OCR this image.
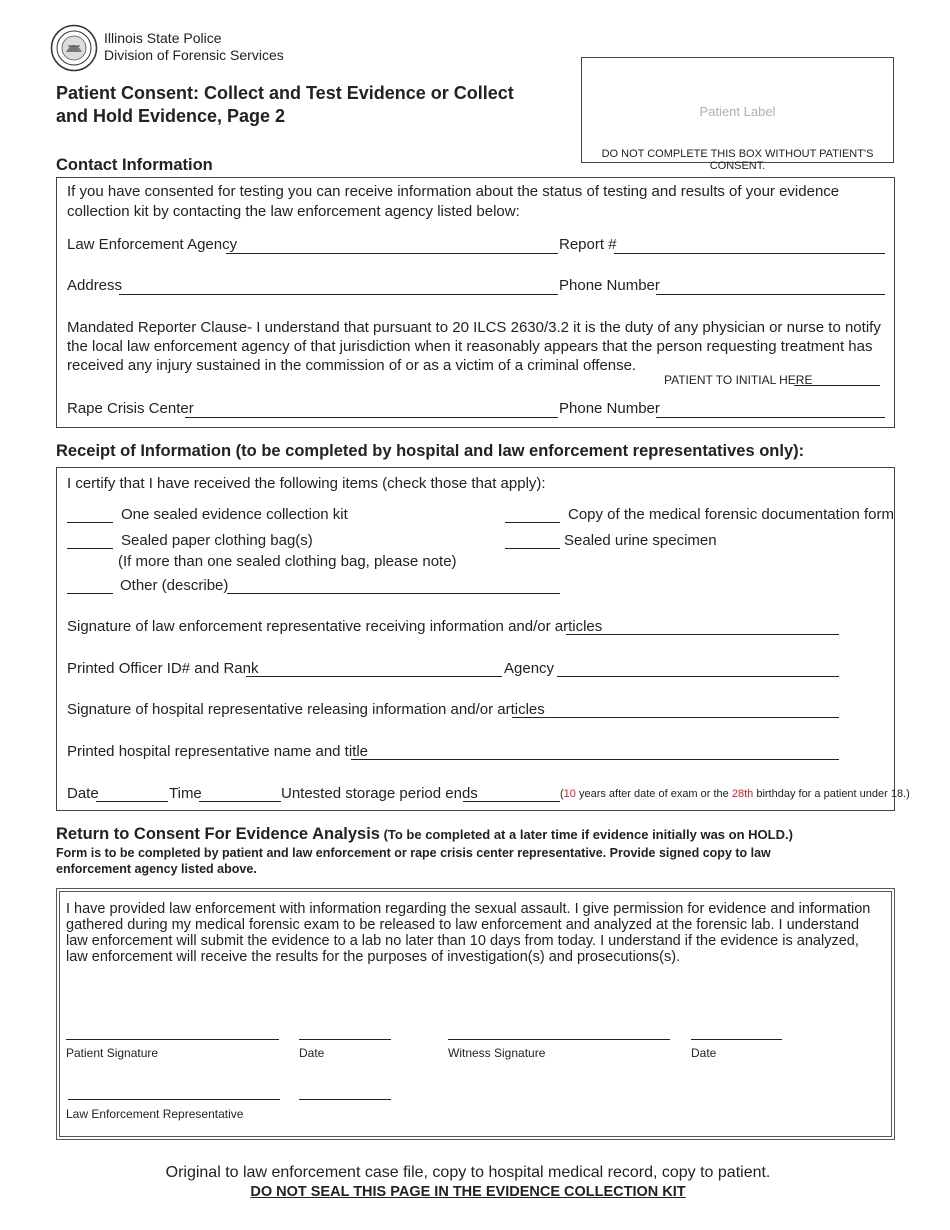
Illinois State Police
Division of Forensic Services
Patient Consent: Collect and Test Evidence or Collect
and Hold Evidence, Page 2	Patient Label
DO NOT COMPLETE THIS BOX WITHOUT PATIENT'S CONSENT.
Contact Information
If you have consented for testing you can receive information about the status of testing and results of your evidence collection kit by contacting the law enforcement agency listed below:
Law Enforcement Agency	Report #
Address	Phone Number
Mandated Reporter Clause- I understand that pursuant to 20 ILCS 2630/3.2 it is the duty of any physician or nurse to notify the local law enforcement agency of that jurisdiction when it reasonably appears that the person requesting treatment has received any injury sustained in the commission of or as a victim of a criminal offense.
PATIENT TO INITIAL HERE
Rape Crisis Center	Phone Number
Receipt of Information (to be completed by hospital and law enforcement representatives only):
I certify that I have received the following items (check those that apply):
One sealed evidence collection kit	Copy of the medical forensic documentation form
Sealed paper clothing bag(s)	Sealed urine specimen
(If more than one sealed clothing bag, please note)
Other (describe)
Signature of law enforcement representative receiving information and/or articles
Printed Officer ID# and Rank	Agency
Signature of hospital representative releasing information and/or articles
Printed hospital representative name and title
Date	Time	Untested storage period ends	(10 years after date of exam or the 28th birthday for a patient under 18.)
Return to Consent For Evidence Analysis (To be completed at a later time if evidence initially was on HOLD.)
Form is to be completed by patient and law enforcement or rape crisis center representative. Provide signed copy to law enforcement agency listed above.
I have provided law enforcement with information regarding the sexual assault. I give permission for evidence and information gathered during my medical forensic exam to be released to law enforcement and analyzed at the forensic lab. I understand law enforcement will submit the evidence to a lab no later than 10 days from today. I understand if the evidence is analyzed, law enforcement will receive the results for the purposes of investigation(s) and prosecutions(s).
Patient Signature	Date	Witness Signature	Date
Law Enforcement Representative
Original to law enforcement case file, copy to hospital medical record, copy to patient.
DO NOT SEAL THIS PAGE IN THE EVIDENCE COLLECTION KIT
